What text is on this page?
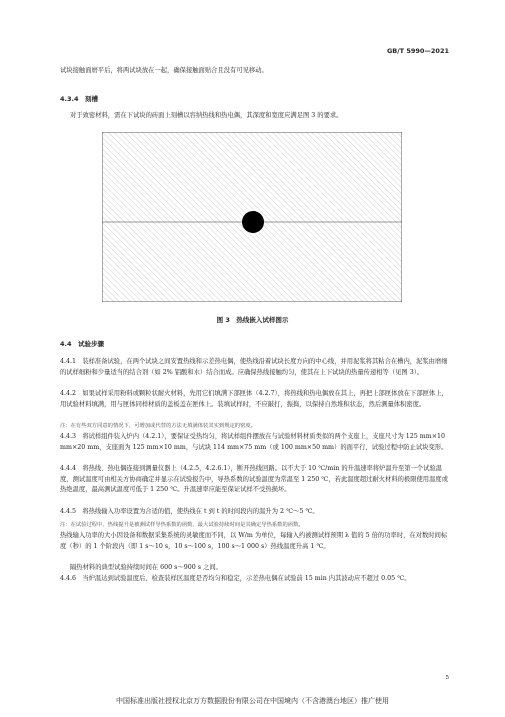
GB/T 5990—2021
试块接触面磨平后，将两试块放在一起，确保接触面贴合且没有可见移动。
4.3.4　刻槽
对于致密材料，需在下试块的砖面上刻槽以容纳热线和热电偶，其深度和宽度应满足图 3 的要求。
图 3　热线嵌入试样图示
4.4　试验步骤
4.4.1　装样准备试验，在两个试块之间安置热线和示差热电偶，使热线沿着试块长度方向的中心线，并用泥浆将其粘合在槽内，泥浆由磨细的试样细粉和少量适当的结合剂（如 2% 铝酸和水）结合而成。应确保热线接触均匀，使其在上下试块的热量传递相等（见图 3）。
4.4.2　如果试样采用粉料或颗粒状耐火材料，先用它们填满下部匣体（4.2.7），将热线和热电偶放在其上，再把上部匣体放在下部匣体上，用试验材料填满，用与匣体同样材质的盖板盖在匣体上。装填试样时，不应敲打，振捣，以保持自然堆积状态，然后测量体积密度。
注：在有些双方同意的情况下，可增加或代替的方法无填满体装其实到规定的密度。
4.4.3　将试样组件装入炉内（4.2.1），要保证受热均匀，将试样组件摆放在与试验材料材质类似的两个支座上，支座尺寸为 125 mm×10 mm×20 mm，支座面为 125 mm×10 mm，与试块 114 mm×75 mm（或 100 mm×50 mm）的面平行，试验过程中防止试块变形。
4.4.4　将热线、热电偶连接到测量仪器上（4.2.5，4.2.6.1），断开热线回路。以不大于 10 ℃/min 的升温速率将炉温升至第一个试验温度，测试温度可由相关方协商确定并显示在试验报告中，导热系数的试验温度为常温至 1 250 ℃，若此温度超过耐火材料的极限使用温度或热绝温度，最高测试温度可低于 1 250 ℃。升温速率应能至保证试样不受热损坏。
4.4.5　将热线输入功率设置为合适的值，使热线在 t 到 t 的时间段内的温升为 2 ℃～5 ℃。
注：在试验过程中，热线提升是被测试样导热系数的函数，最大试验持续时间是其确定导热系数的函数。
热线输入功率的大小因设备和数据采集系统的灵敏度而不同，以 W/m 为单位，每输入约被测试样预期 λ 值的 5 倍的功率时，在对数时间标度（秒）的 1 个阶段内（即 1 s～10 s，10 s～100 s，100 s～1 000 s）热线温度升高 1 ℃。
隔热材料的典型试验持续时间在 600 s～900 s 之间。
4.4.6　当炉温达到试验温度后，检查装样区温度是否均匀和稳定，示差热电偶在试验前 15 min 内其波动应不超过 0.05 ℃。
5
中国标准出版社授权北京万方数据股份有限公司在中国境内（不含港澳台地区）推广使用
